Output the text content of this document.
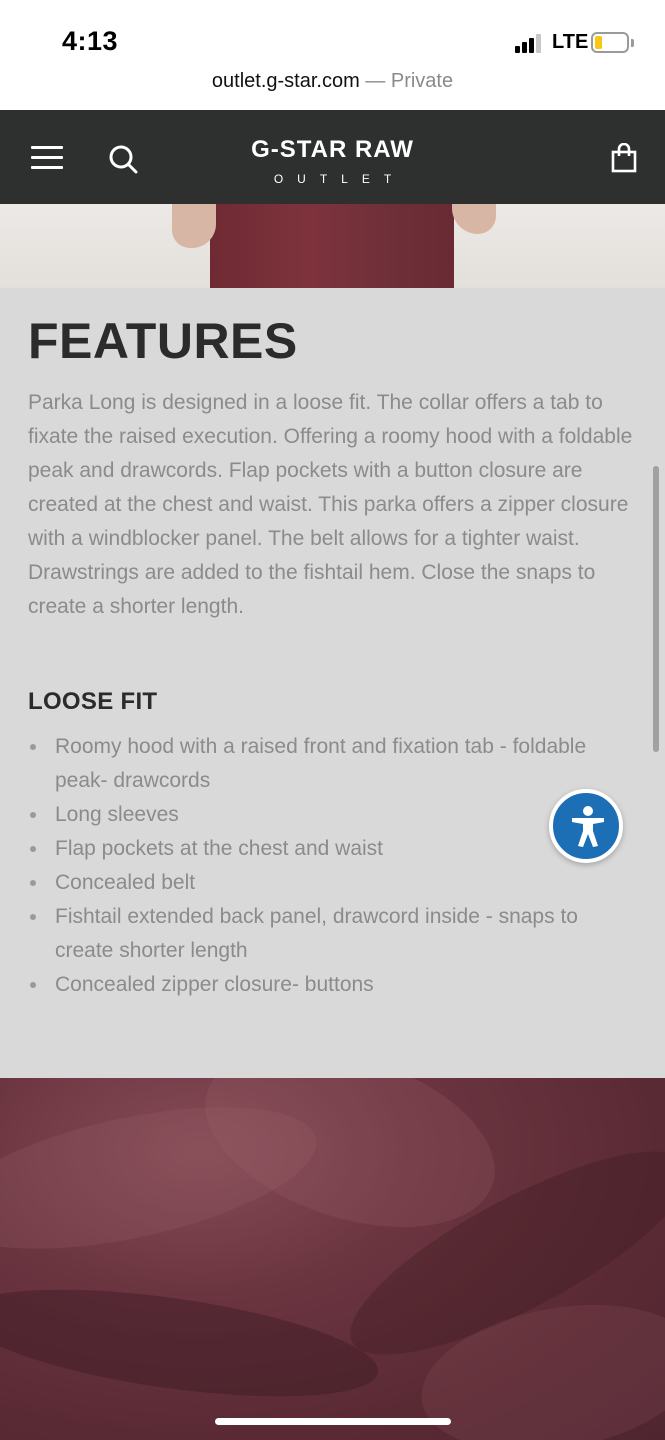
4:13	LTE
outlet.g-star.com — Private
G-STAR RAW
OUTLET
FEATURES

Parka Long is designed in a loose fit. The collar offers a tab to fixate the raised execution. Offering a roomy hood with a foldable peak and drawcords. Flap pockets with a button closure are created at the chest and waist. This parka offers a zipper closure with a windblocker panel. The belt allows for a tighter waist. Drawstrings are added to the fishtail hem. Close the snaps to create a shorter length.

LOOSE FIT
Roomy hood with a raised front and fixation tab - foldable peak- drawcords
Long sleeves
Flap pockets at the chest and waist
Concealed belt
Fishtail extended back panel, drawcord inside - snaps to create shorter length
Concealed zipper closure- buttons
